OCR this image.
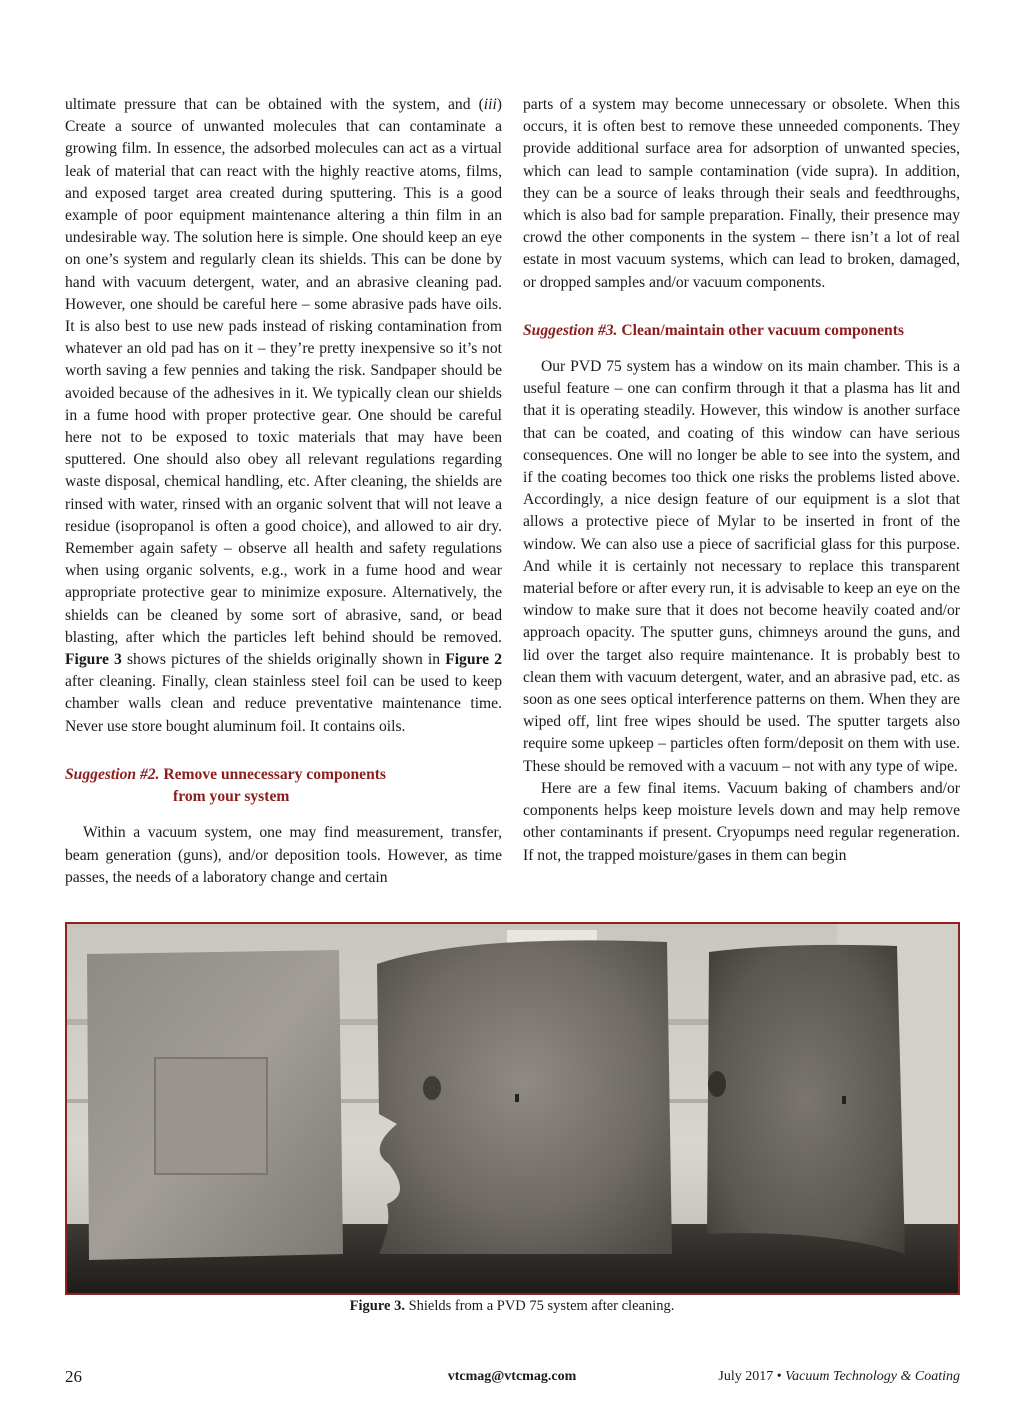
ultimate pressure that can be obtained with the system, and (iii) Create a source of unwanted molecules that can contaminate a growing film. In essence, the adsorbed molecules can act as a virtual leak of material that can react with the highly reactive atoms, films, and exposed target area created during sputtering. This is a good example of poor equipment maintenance altering a thin film in an undesirable way. The solution here is simple. One should keep an eye on one’s system and regularly clean its shields. This can be done by hand with vacuum detergent, water, and an abrasive cleaning pad. However, one should be careful here – some abrasive pads have oils. It is also best to use new pads instead of risking contamination from whatever an old pad has on it – they’re pretty inexpensive so it’s not worth saving a few pennies and taking the risk. Sandpaper should be avoided because of the adhesives in it. We typically clean our shields in a fume hood with proper protective gear. One should be careful here not to be exposed to toxic materials that may have been sputtered. One should also obey all relevant regulations regarding waste disposal, chemical handling, etc. After cleaning, the shields are rinsed with water, rinsed with an organic solvent that will not leave a residue (isopropanol is often a good choice), and allowed to air dry. Remember again safety – observe all health and safety regulations when using organic solvents, e.g., work in a fume hood and wear appropriate protective gear to minimize exposure. Alternatively, the shields can be cleaned by some sort of abrasive, sand, or bead blasting, after which the particles left behind should be removed. Figure 3 shows pictures of the shields originally shown in Figure 2 after cleaning. Finally, clean stainless steel foil can be used to keep chamber walls clean and reduce preventative maintenance time. Never use store bought aluminum foil. It contains oils.

Suggestion #2. Remove unnecessary components
from your system

Within a vacuum system, one may find measurement, transfer, beam generation (guns), and/or deposition tools. However, as time passes, the needs of a laboratory change and certain

parts of a system may become unnecessary or obsolete. When this occurs, it is often best to remove these unneeded components. They provide additional surface area for adsorption of unwanted species, which can lead to sample contamination (vide supra). In addition, they can be a source of leaks through their seals and feedthroughs, which is also bad for sample preparation. Finally, their presence may crowd the other components in the system – there isn’t a lot of real estate in most vacuum systems, which can lead to broken, damaged, or dropped samples and/or vacuum components.

Suggestion #3. Clean/maintain other vacuum components

Our PVD 75 system has a window on its main chamber. This is a useful feature – one can confirm through it that a plasma has lit and that it is operating steadily. However, this window is another surface that can be coated, and coating of this window can have serious consequences. One will no longer be able to see into the system, and if the coating becomes too thick one risks the problems listed above. Accordingly, a nice design feature of our equipment is a slot that allows a protective piece of Mylar to be inserted in front of the window. We can also use a piece of sacrificial glass for this purpose. And while it is certainly not necessary to replace this transparent material before or after every run, it is advisable to keep an eye on the window to make sure that it does not become heavily coated and/or approach opacity. The sputter guns, chimneys around the guns, and lid over the target also require maintenance. It is probably best to clean them with vacuum detergent, water, and an abrasive pad, etc. as soon as one sees optical interference patterns on them. When they are wiped off, lint free wipes should be used. The sputter targets also require some upkeep – particles often form/deposit on them with use. These should be removed with a vacuum – not with any type of wipe.

Here are a few final items. Vacuum baking of chambers and/or components helps keep moisture levels down and may help remove other contaminants if present. Cryopumps need regular regeneration. If not, the trapped moisture/gases in them can begin

Figure 3. Shields from a PVD 75 system after cleaning.
26	vtcmag@vtcmag.com	July 2017 • Vacuum Technology & Coating
